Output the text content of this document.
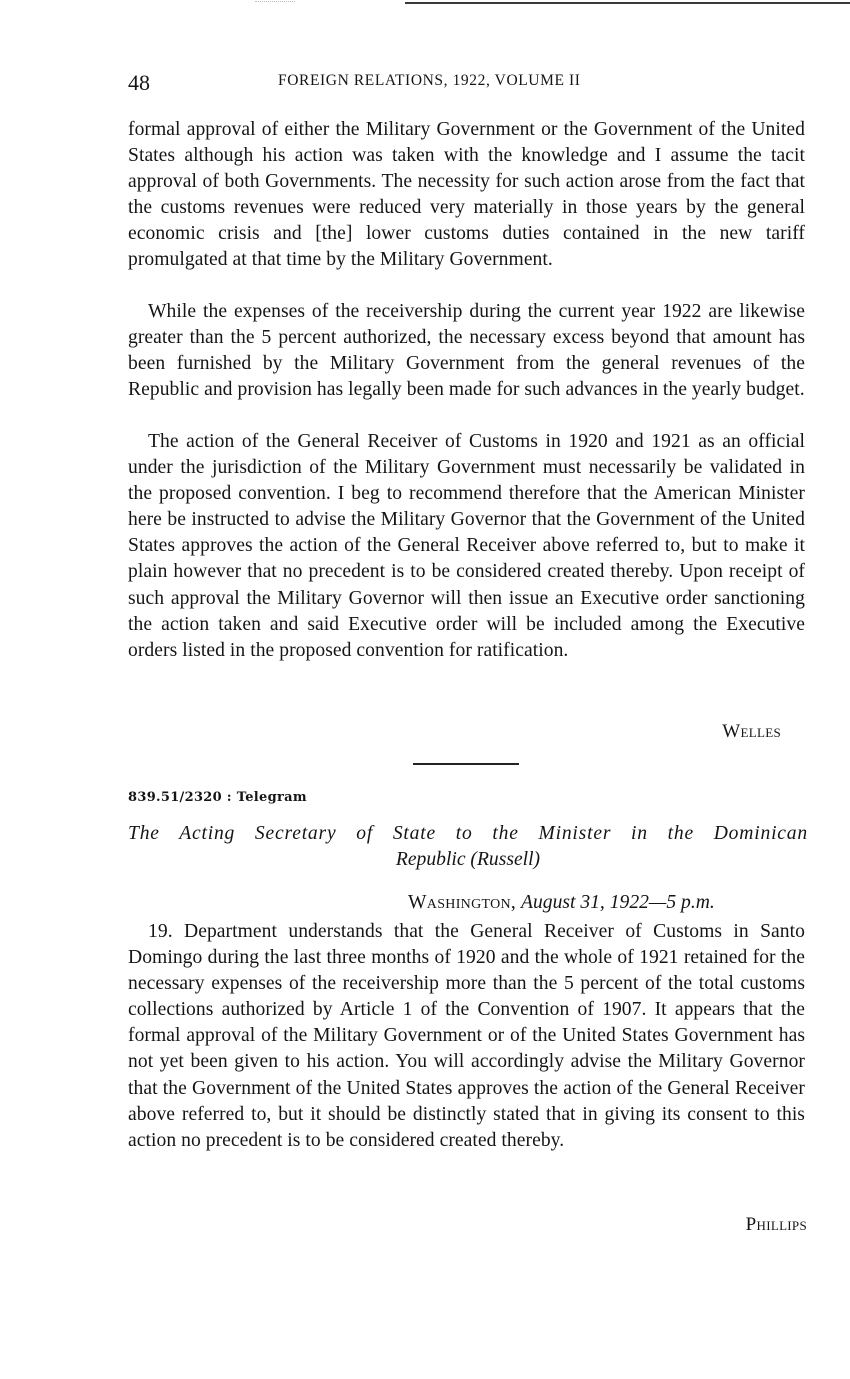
48	FOREIGN RELATIONS, 1922, VOLUME II

formal approval of either the Military Government or the Government of the United States although his action was taken with the knowledge and I assume the tacit approval of both Governments. The necessity for such action arose from the fact that the customs revenues were reduced very materially in those years by the general economic crisis and [the] lower customs duties contained in the new tariff promulgated at that time by the Military Government.

While the expenses of the receivership during the current year 1922 are likewise greater than the 5 percent authorized, the necessary excess beyond that amount has been furnished by the Military Government from the general revenues of the Republic and provision has legally been made for such advances in the yearly budget.

The action of the General Receiver of Customs in 1920 and 1921 as an official under the jurisdiction of the Military Government must necessarily be validated in the proposed convention. I beg to recommend therefore that the American Minister here be instructed to advise the Military Governor that the Government of the United States approves the action of the General Receiver above referred to, but to make it plain however that no precedent is to be considered created thereby. Upon receipt of such approval the Military Governor will then issue an Executive order sanctioning the action taken and said Executive order will be included among the Executive orders listed in the proposed convention for ratification.

Welles
839.51/2320 : Telegram

The Acting Secretary of State to the Minister in the Dominican
Republic (Russell)

Washington, August 31, 1922—5 p.m.

19. Department understands that the General Receiver of Customs in Santo Domingo during the last three months of 1920 and the whole of 1921 retained for the necessary expenses of the receivership more than the 5 percent of the total customs collections authorized by Article 1 of the Convention of 1907. It appears that the formal approval of the Military Government or of the United States Government has not yet been given to his action. You will accordingly advise the Military Governor that the Government of the United States approves the action of the General Receiver above referred to, but it should be distinctly stated that in giving its consent to this action no precedent is to be considered created thereby.

Phillips
